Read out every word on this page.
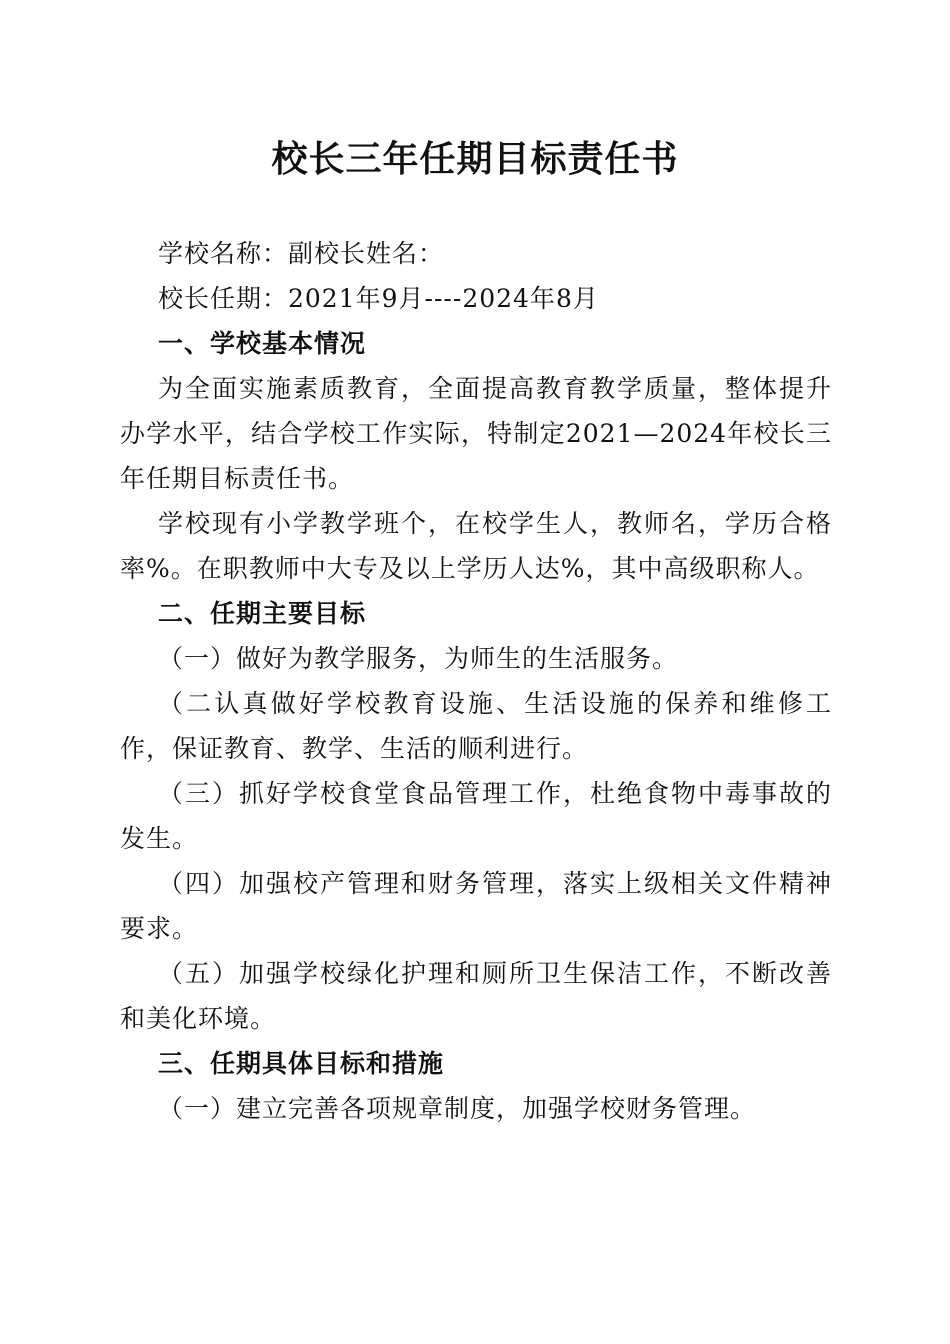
校长三年任期目标责任书

学校名称：副校长姓名：

校长任期：2021年9月----2024年8月

一、学校基本情况

为全面实施素质教育，全面提高教育教学质量，整体提升办学水平，结合学校工作实际，特制定2021—2024年校长三年任期目标责任书。

学校现有小学教学班个，在校学生人，教师名，学历合格率%。在职教师中大专及以上学历人达%，其中高级职称人。

二、任期主要目标

（一）做好为教学服务，为师生的生活服务。

（二认真做好学校教育设施、生活设施的保养和维修工作，保证教育、教学、生活的顺利进行。

（三）抓好学校食堂食品管理工作，杜绝食物中毒事故的发生。

（四）加强校产管理和财务管理，落实上级相关文件精神要求。

（五）加强学校绿化护理和厕所卫生保洁工作，不断改善和美化环境。

三、任期具体目标和措施

（一）建立完善各项规章制度，加强学校财务管理。
